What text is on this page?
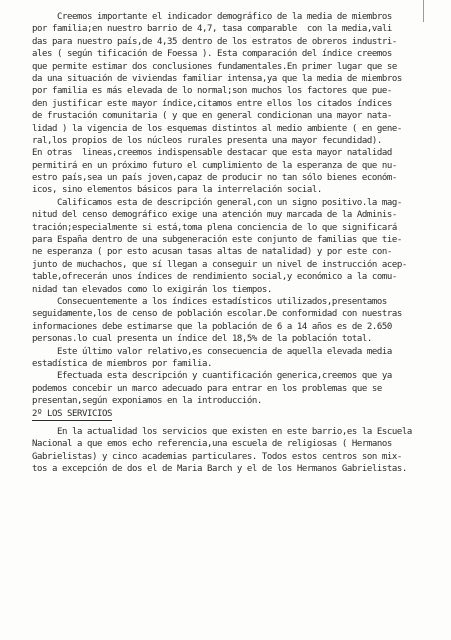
Creemos importante el indicador demográfico de la media de miembros
por familia;en nuestro barrio de 4,7, tasa comparable  con la media,vali
das para nuestro país,de 4,35 dentro de los estratos de obreros industri-
ales ( según tificación de Foessa ). Esta comparación del índice creemos
que permite estimar dos conclusiones fundamentales.En primer lugar que se
da una situación de viviendas familiar intensa,ya que la media de miembros
por familia es más elevada de lo normal;son muchos los factores que pue-
den justificar este mayor índice,citamos entre ellos los citados índices
de frustación comunitaria ( y que en general condicionan una mayor nata-
lidad ) la vigencia de los esquemas distintos al medio ambiente ( en gene-
ral,los propios de los núcleos rurales presenta una mayor fecundidad).
En otras  lineas,creemos indispensable destacar que esta mayor natalidad
permitirá en un próximo futuro el cumplimiento de la esperanza de que nu-
estro país,sea un país joven,capaz de producir no tan sólo bienes económ-
icos, sino elementos básicos para la interrelación social.
Calificamos esta de descripción general,con un signo positivo.la mag-
nitud del censo demográfico exige una atención muy marcada de la Adminis-
tración;especialmente si está,toma plena conciencia de lo que significará
para España dentro de una subgeneración este conjunto de familias que tie-
ne esperanza ( por esto acusan tasas altas de natalidad) y por este con-
junto de muchachos, que sí llegan a conseguir un nivel de instrucción acep-
table,ofrecerán unos índices de rendimiento social,y económico a la comu-
nidad tan elevados como lo exigirán los tiempos.
Consecuentemente a los índices estadísticos utilizados,presentamos
seguidamente,los de censo de población escolar.De conformidad con nuestras
informaciones debe estimarse que la población de 6 a 14 años es de 2.650
personas.lo cual presenta un índice del 18,5% de la población total.
Este último valor relativo,es consecuencia de aquella elevada media
estadística de miembros por familia.
Efectuada esta descripción y cuantificación generica,creemos que ya
podemos concebir un marco adecuado para entrar en los problemas que se
presentan,según exponiamos en la introducción.
2º LOS SERVICIOS
En la actualidad los servicios que existen en este barrio,es la Escuela
Nacional a que emos echo referencia,una escuela de religiosas ( Hermanos
Gabrielistas) y cinco academias particulares. Todos estos centros son mix-
tos a excepción de dos el de Maria Barch y el de los Hermanos Gabrielistas.
